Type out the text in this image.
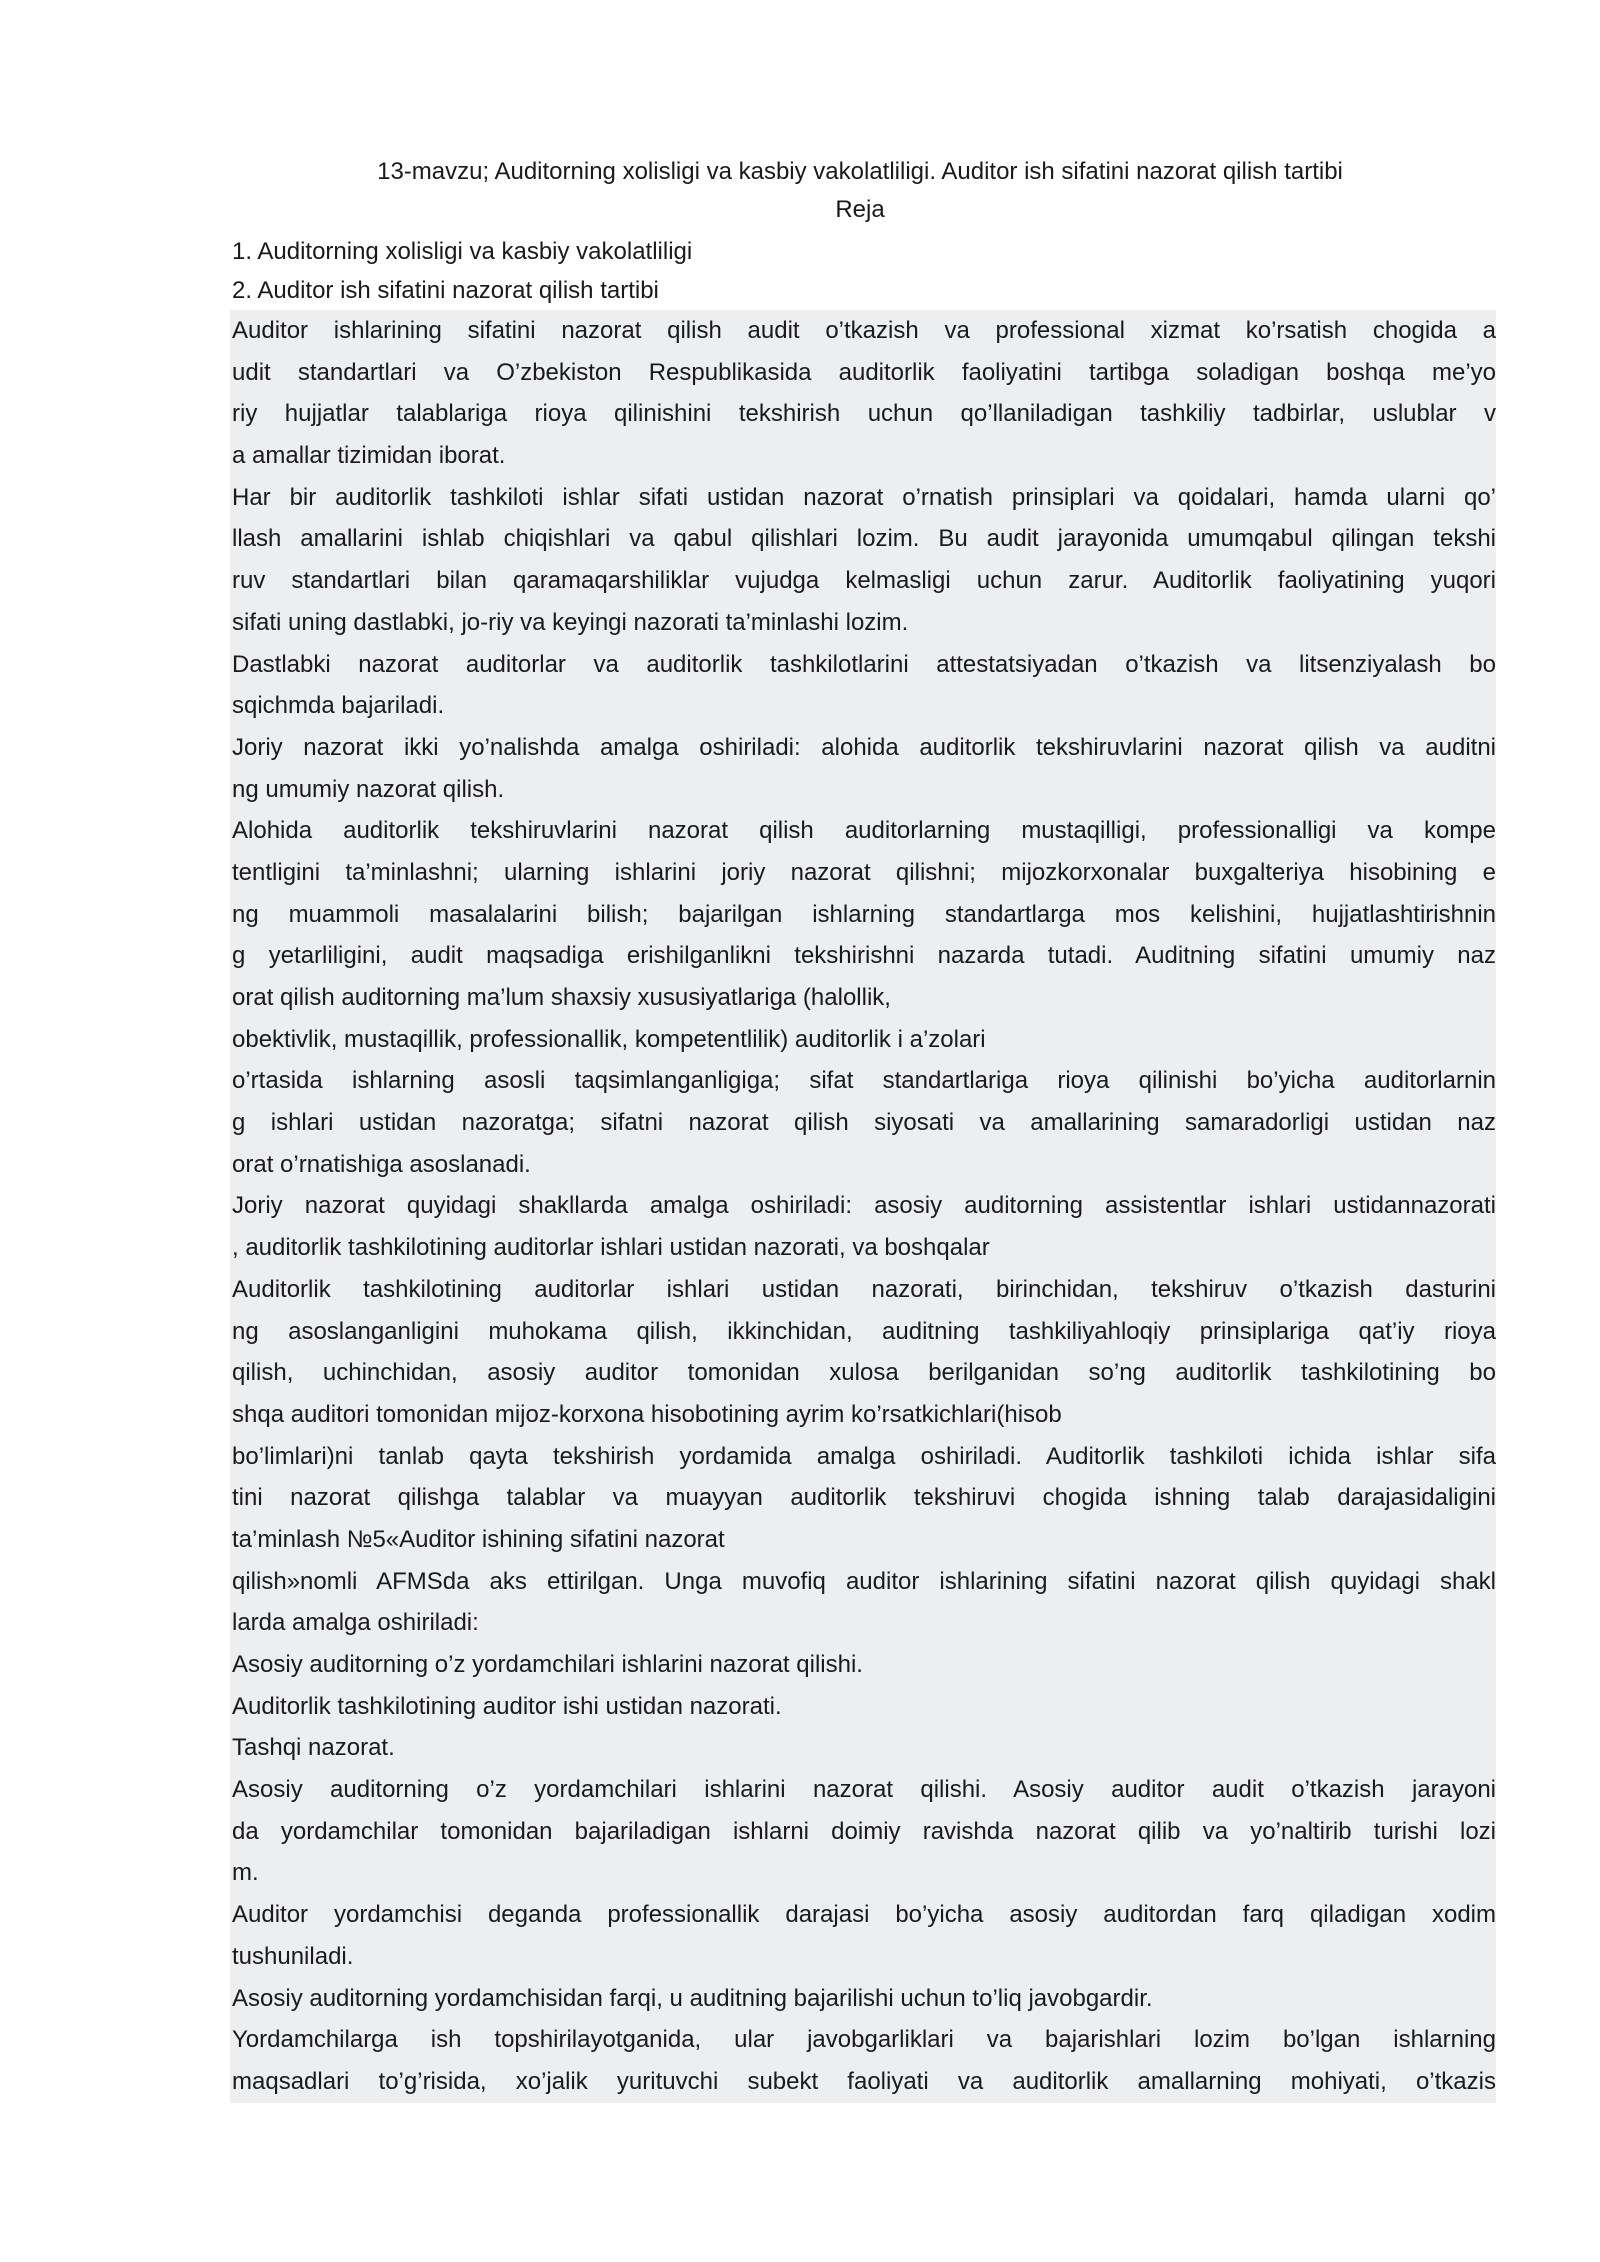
13-mavzu; Auditorning xolisligi va kasbiy vakolatliligi. Auditor ish sifatini nazorat qilish tartibi
Reja
1. Auditorning xolisligi va kasbiy vakolatliligi
2. Auditor ish sifatini nazorat qilish tartibi
Auditor ishlarining sifatini nazorat qilish audit o’tkazish va professional xizmat ko’rsatish chogida a
udit standartlari va O’zbekiston Respublikasida auditorlik faoliyatini tartibga soladigan boshqa me’yo
riy hujjatlar talablariga rioya qilinishini tekshirish uchun qo’llaniladigan tashkiliy tadbirlar, uslublar v
a amallar tizimidan iborat.
Har bir auditorlik tashkiloti ishlar sifati ustidan nazorat o’rnatish prinsiplari va qoidalari, hamda ularni qo’
llash amallarini ishlab chiqishlari va qabul qilishlari lozim. Bu audit jarayonida umumqabul qilingan tekshi
ruv standartlari bilan qaramaqarshiliklar vujudga kelmasligi uchun zarur. Auditorlik faoliyatining yuqori
sifati uning dastlabki, jo-riy va keyingi nazorati ta’minlashi lozim.
Dastlabki nazorat auditorlar va auditorlik tashkilotlarini attestatsiyadan o’tkazish va litsenziyalash bo
sqichmda bajariladi.
Joriy nazorat ikki yo’nalishda amalga oshiriladi: alohida auditorlik tekshiruvlarini nazorat qilish va auditni
ng umumiy nazorat qilish.
Alohida auditorlik tekshiruvlarini nazorat qilish auditorlarning mustaqilligi, professionalligi va kompe
tentligini ta’minlashni; ularning ishlarini joriy nazorat qilishni; mijozkorxonalar buxgalteriya hisobining e
ng muammoli masalalarini bilish; bajarilgan ishlarning standartlarga mos kelishini, hujjatlashtirishnin
g yetarliligini, audit maqsadiga erishilganlikni tekshirishni nazarda tutadi. Auditning sifatini umumiy naz
orat qilish auditorning ma’lum shaxsiy xususiyatlariga (halollik,
obektivlik, mustaqillik, professionallik, kompetentlilik) auditorlik i a’zolari
o’rtasida ishlarning asosli taqsimlanganligiga; sifat standartlariga rioya qilinishi bo’yicha auditorlarnin
g ishlari ustidan nazoratga; sifatni nazorat qilish siyosati va amallarining samaradorligi ustidan naz
orat o’rnatishiga asoslanadi.
Joriy nazorat quyidagi shakllarda amalga oshiriladi: asosiy auditorning assistentlar ishlari ustidannazorati
, auditorlik tashkilotining auditorlar ishlari ustidan nazorati, va boshqalar
Auditorlik tashkilotining auditorlar ishlari ustidan nazorati, birinchidan, tekshiruv o’tkazish dasturini
ng asoslanganligini muhokama qilish, ikkinchidan, auditning tashkiliyahloqiy prinsiplariga qat’iy rioya
qilish, uchinchidan, asosiy auditor tomonidan xulosa berilganidan so’ng auditorlik tashkilotining bo
shqa auditori tomonidan mijoz-korxona hisobotining ayrim ko’rsatkichlari(hisob
bo’limlari)ni tanlab qayta tekshirish yordamida amalga oshiriladi. Auditorlik tashkiloti ichida ishlar sifa
tini nazorat qilishga talablar va muayyan auditorlik tekshiruvi chogida ishning talab darajasidaligini
ta’minlash №5«Auditor ishining sifatini nazorat
qilish»nomli AFMSda aks ettirilgan. Unga muvofiq auditor ishlarining sifatini nazorat qilish quyidagi shakl
larda amalga oshiriladi:
Asosiy auditorning o’z yordamchilari ishlarini nazorat qilishi.
Auditorlik tashkilotining auditor ishi ustidan nazorati.
Tashqi nazorat.
Asosiy auditorning o’z yordamchilari ishlarini nazorat qilishi. Asosiy auditor audit o’tkazish jarayoni
da yordamchilar tomonidan bajariladigan ishlarni doimiy ravishda nazorat qilib va yo’naltirib turishi lozi
m.
Auditor yordamchisi deganda professionallik darajasi bo’yicha asosiy auditordan farq qiladigan xodim
tushuniladi.
Asosiy auditorning yordamchisidan farqi, u auditning bajarilishi uchun to’liq javobgardir.
Yordamchilarga ish topshirilayotganida, ular javobgarliklari va bajarishlari lozim bo’lgan ishlarning
maqsadlari to’g’risida, xo’jalik yurituvchi subekt faoliyati va auditorlik amallarning mohiyati, o’tkazis
